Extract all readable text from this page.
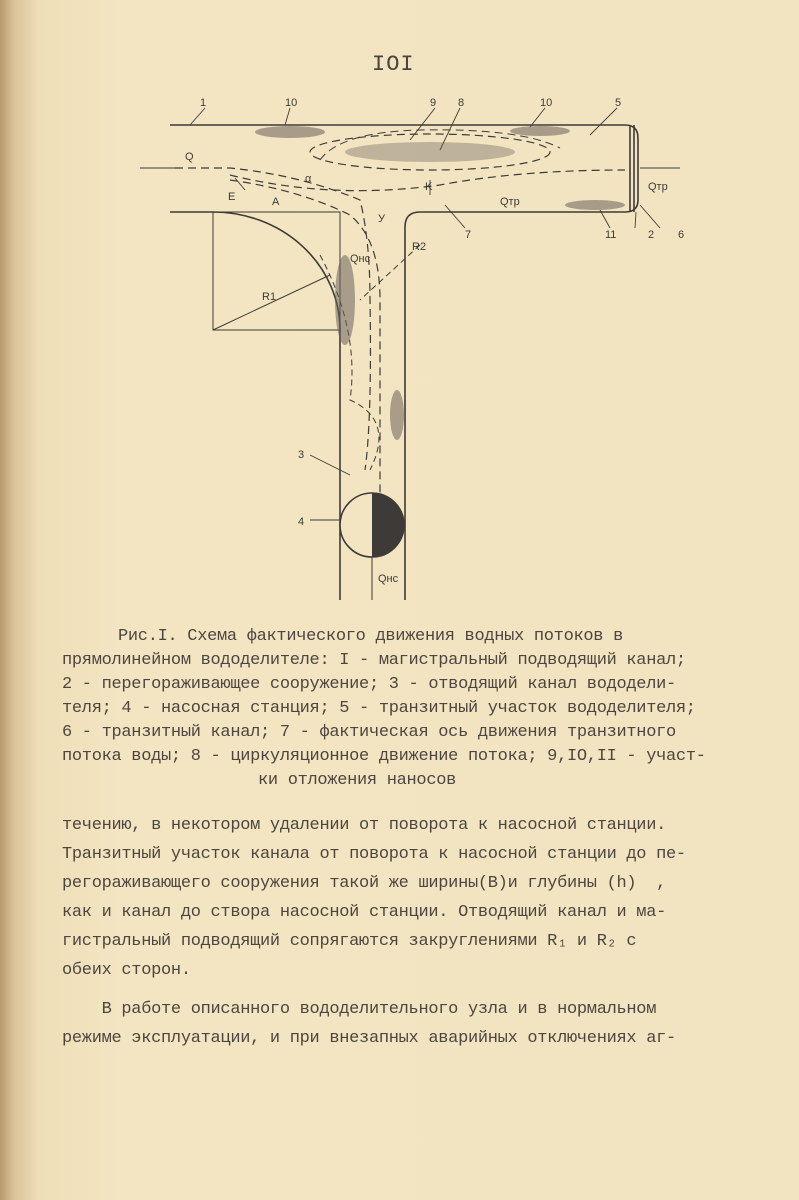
IOI
1	10	9 8	10	5
Q
E	A
α
K
У
Qтр
Qтр
7	11	2 6
R2
Qнс
R1
3
4
Qнс
Рис.I. Схема фактического движения водных потоков в
прямолинейном вододелителе: I - магистральный подводящий канал;
2 - перегораживающее сооружение; 3 - отводящий канал вододели-
теля; 4 - насосная станция; 5 - транзитный участок вододелителя;
6 - транзитный канал; 7 - фактическая ось движения транзитного
потока воды; 8 - циркуляционное движение потока; 9,IO,II - участ-
ки отложения наносов
течению, в некотором удалении от поворота к насосной станции.
Транзитный участок канала от поворота к насосной станции до пе-
регораживающего сооружения такой же ширины(В)и глубины (h)  ,
как и канал до створа насосной станции. Отводящий канал и ма-
гистральный подводящий сопрягаются закруглениями R₁ и R₂ с
обеих сторон.
В работе описанного вододелительного узла и в нормальном
режиме эксплуатации, и при внезапных аварийных отключениях аг-
